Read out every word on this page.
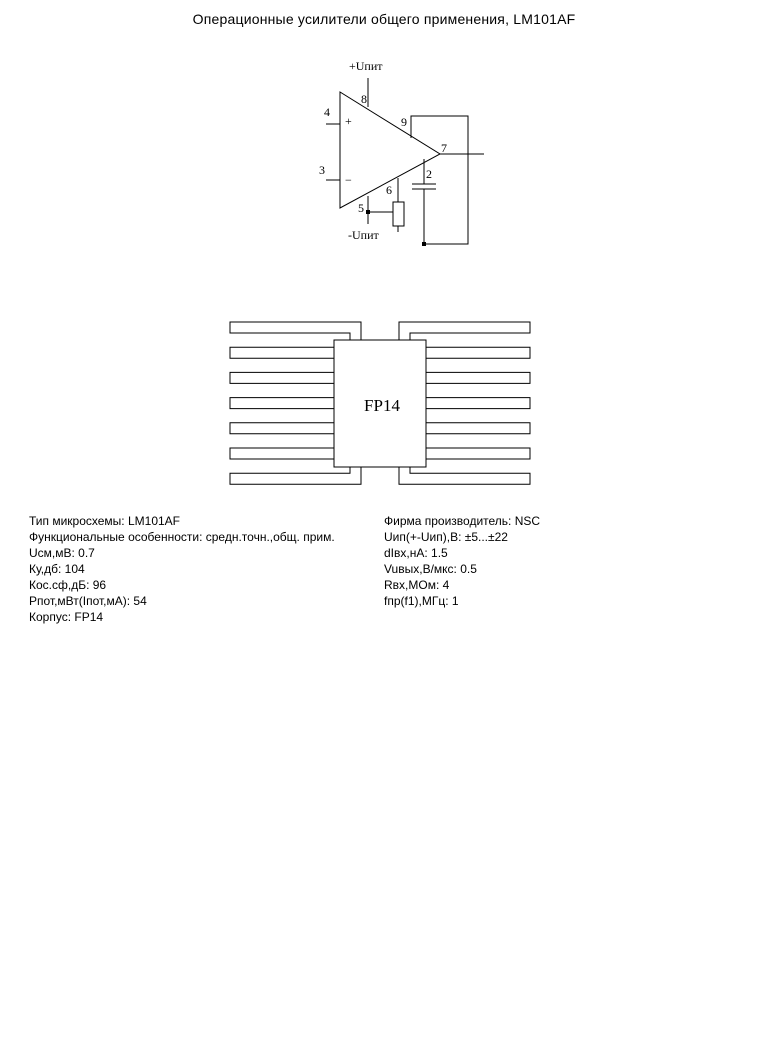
Операционные усилители общего применения, LM101AF
+Uпит
-Uпит
8
4
3
9
7
2
6
5
+
−
FP14
Тип микросхемы: LM101AF
Функциональные особенности: средн.точн.,общ. прим.
Uсм,мВ: 0.7
Ку,дб: 104
Кос.сф,дБ: 96
Рпот,мВт(Iпот,мА): 54
Корпус: FP14
Фирма производитель: NSC
Uип(+-Uип),В: ±5...±22
dIвх,нА: 1.5
Vuвых,В/мкс: 0.5
Rвх,МОм: 4
fпр(f1),МГц: 1
